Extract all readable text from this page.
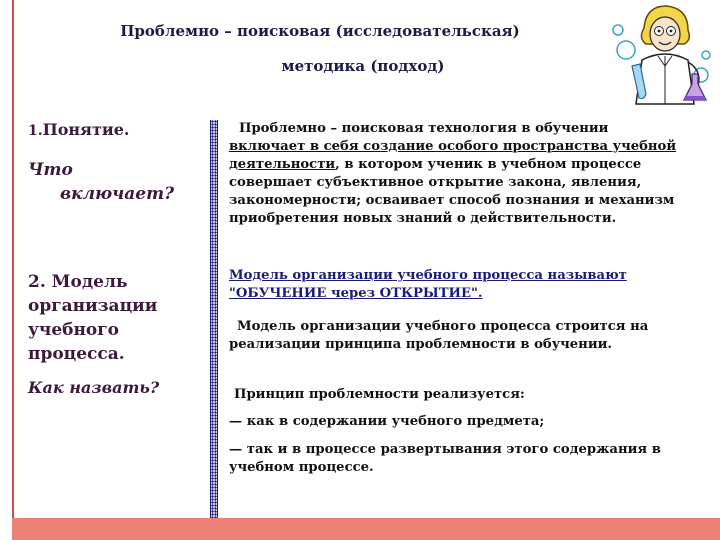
Проблемно – поисковая (исследовательская)
методика (подход)
1.Понятие.
Что
включает?
2. Модель организации учебного процесса.
Как назвать?
Проблемно – поисковая технология в обучении
включает в себя создание особого пространства учебной деятельности, в котором ученик в учебном процессе совершает субъективное открытие закона, явления, закономерности; осваивает способ познания и механизм приобретения новых знаний о действительности.
Модель организации учебного процесса называют "ОБУЧЕНИЕ через ОТКРЫТИЕ".
Модель организации учебного процесса строится на реализации принципа проблемности в обучении.
Принцип проблемности реализуется:
— как в содержании учебного предмета;
— так и в процессе развертывания этого содержания в учебном процессе.
